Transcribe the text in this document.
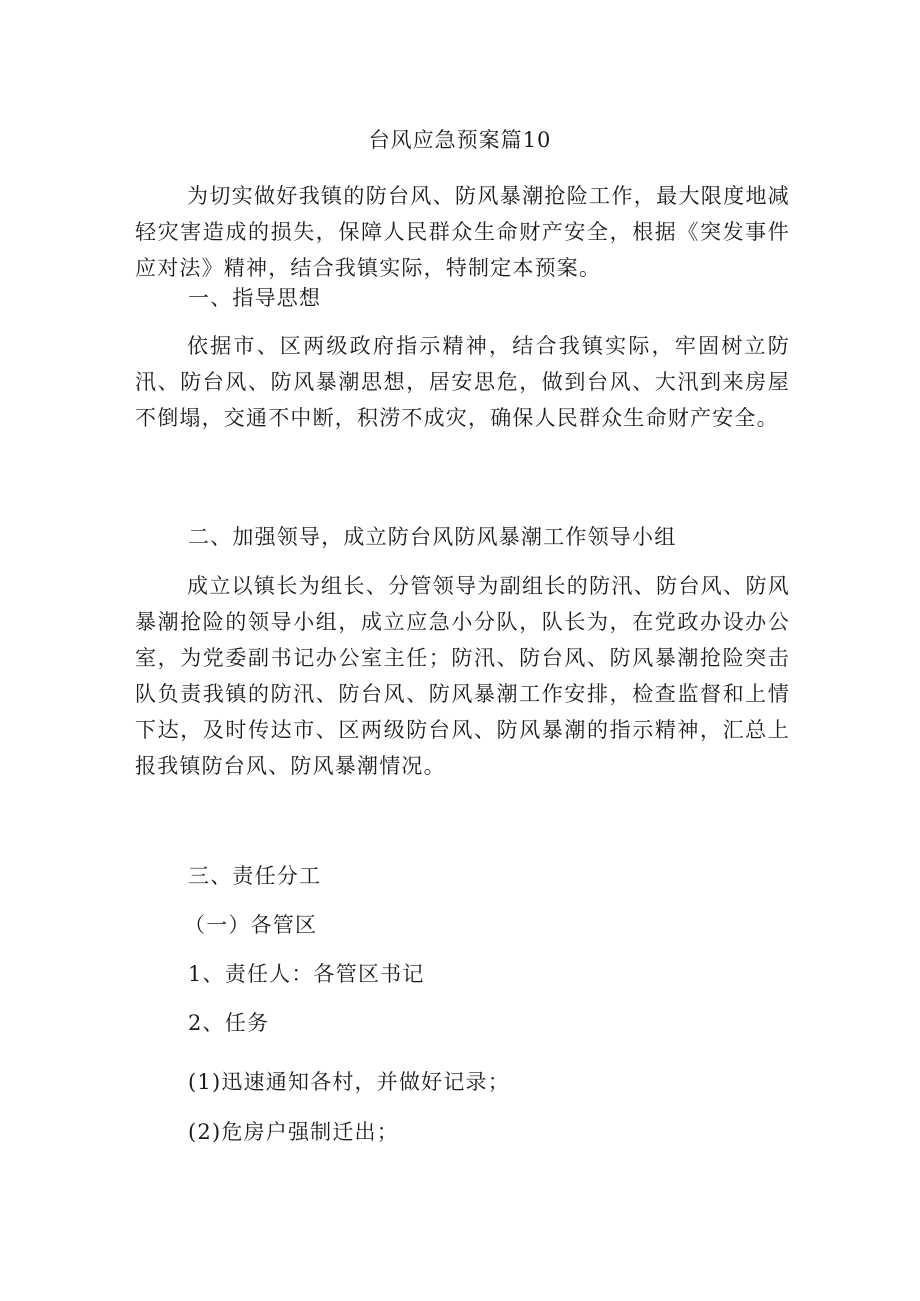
台风应急预案篇10

为切实做好我镇的防台风、防风暴潮抢险工作，最大限度地减轻灾害造成的损失，保障人民群众生命财产安全，根据《突发事件应对法》精神，结合我镇实际，特制定本预案。

一、指导思想

依据市、区两级政府指示精神，结合我镇实际，牢固树立防汛、防台风、防风暴潮思想，居安思危，做到台风、大汛到来房屋不倒塌，交通不中断，积涝不成灾，确保人民群众生命财产安全。

二、加强领导，成立防台风防风暴潮工作领导小组

成立以镇长为组长、分管领导为副组长的防汛、防台风、防风暴潮抢险的领导小组，成立应急小分队，队长为，在党政办设办公室，为党委副书记办公室主任；防汛、防台风、防风暴潮抢险突击队负责我镇的防汛、防台风、防风暴潮工作安排，检查监督和上情下达，及时传达市、区两级防台风、防风暴潮的指示精神，汇总上报我镇防台风、防风暴潮情况。

三、责任分工
（一）各管区
1、责任人：各管区书记
2、任务
(1)迅速通知各村，并做好记录；
(2)危房户强制迁出；
